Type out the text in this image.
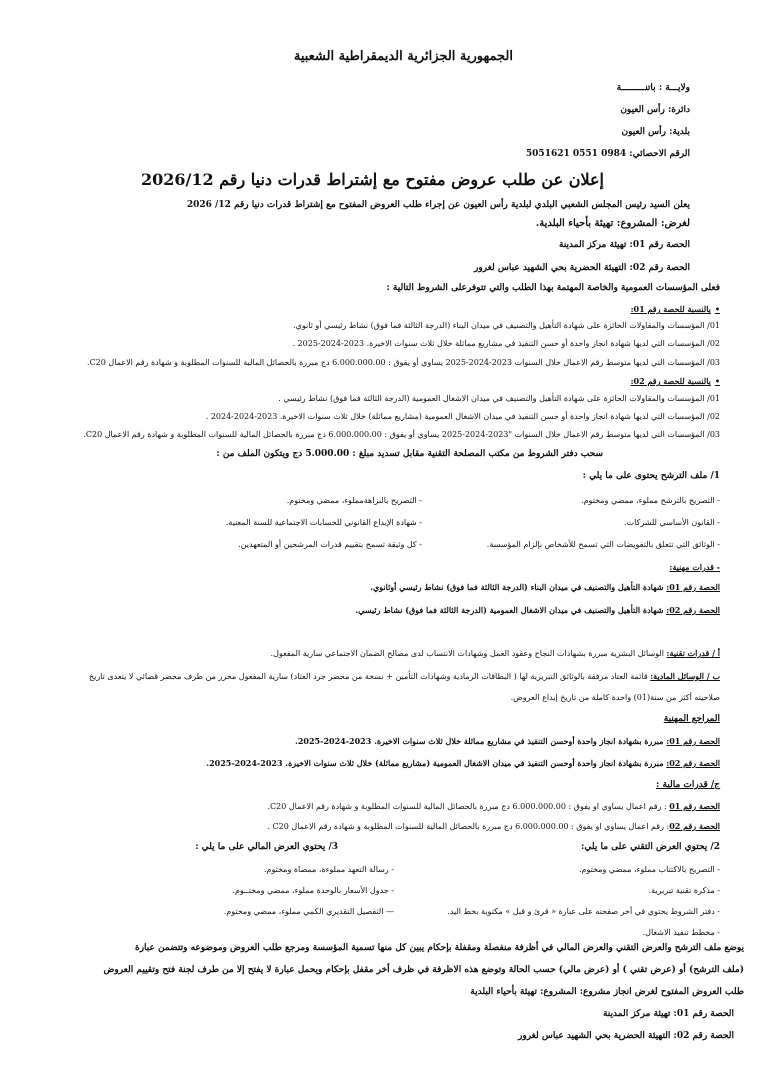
الجمهورية الجزائرية الديمقراطية الشعبية
ولايـــة : باتنـــــــــة
دائرة: رأس العيون
بلدية: رأس العيون
الرقم الاحصائي: 0984 0551 5051621
إعلان عن طلب عروض مفتوح مع إشتراط قدرات دنيا رقم 2026/12
يعلن السيد رئيس المجلس الشعبي البلدي لبلدية رأس العيون عن إجراء طلب العروض المفتوح مع إشتراط قدرات دنيا رقم 12/ 2026
لغرض: المشروع: تهيئة بأحياء البلدية.
الحصة رقم 01: تهيئة مركز المدينة
الحصة رقم 02: التهيئة الحضرية بحي الشهيد عباس لغرور
فعلى المؤسسات العمومية والخاصة المهتمة بهذا الطلب والتي تتوفرعلى الشروط التالية :
• بالنسبة للحصة رقم 01:
01/ المؤسسات والمقاولات الحائزة على شهادة التأهيل والتصنيف في ميدان البناء (الدرجة الثالثة فما فوق) نشاط رئيسي أو ثانوي.
02/ المؤسسات التي لديها شهادة انجاز واحدة أو حسن التنفيذ في مشاريع مماثلة خلال ثلاث سنوات الاخيرة. 2023-2024-2025 .
03/ المؤسسات التي لديها متوسط رقم الاعمال خلال السنوات 2023-2024-2025 يساوي أو يفوق : 6.000.000.00 دج مبررة بالحصائل المالية للسنوات المطلوبة و شهادة رقم الاعمال C20.
• بالنسبة للحصة رقم 02:
01/ المؤسسات والمقاولات الحائزة على شهادة التأهيل والتصنيف في ميدان الاشغال العمومية (الدرجة الثالثة فما فوق) نشاط رئيسي .
02/ المؤسسات التي لديها شهادة انجاز واحدة أو حسن التنفيذ في ميدان الاشغال العمومية (مشاريع مماثلة) خلال ثلاث سنوات الاخيرة. 2023-2024-2024 .
03/ المؤسسات التي لديها متوسط رقم الاعمال خلال السنوات "2023-2024-2025 يساوي أو يفوق : 6.000.000.00 دج مبررة بالحصائل المالية للسنوات المطلوبة و شهادة رقم الاعمال C20.
سحب دفتر الشروط من مكتب المصلحة التقنية مقابل تسديد مبلغ : 5.000.00 دج ويتكون الملف من :
1/ ملف الترشح يحتوى على ما يلي :
- التصريح بالترشح مملوء، ممضي ومختوم.
- القانون الأساسي للشركات.
- الوثائق التي تتعلق بالتفويضات التي تسمح للأشخاص بإلزام المؤسسة.
- التصريح بالنزاهةمملوء، ممضي ومختوم.
- شهادة الإيداع القانوني للحسابات الاجتماعية للسنة المعنية.
- كل وثيقة تسمح بتقييم قدرات المرشحين أو المتعهدين.
- قدرات مهنية:
الحصة رقم 01: شهادة التأهيل والتصنيف في ميدان البناء (الدرجة الثالثة فما فوق) نشاط رئيسي أوثانوي.
الحصة رقم 02: شهادة التأهيل والتصنيف في ميدان الاشغال العمومية (الدرجة الثالثة فما فوق) نشاط رئيسي.
أ / قدرات تقنية: الوسائل البشرية مبررة بشهادات النجاح وعقود العمل وشهادات الانتساب لدى مصالح الضمان الاجتماعي سارية المفعول.
ب / الوسائل المادية: قائمة العتاد مرفقة بالوثائق التبريرية لها ( البطاقات الرمادية وشهادات التأمين + نسخة من محضر جرد العتاد) سارية المفعول محرر من طرف محضر قضائي لا يتعدى تاريخ
صلاحيته أكثر من سنة(01) واحدة كاملة من تاريخ إيداع العروض.
المراجع المهنية
الحصة رقم 01: مبررة بشهادة انجاز واحدة أوحسن التنفيذ في مشاريع مماثلة خلال ثلاث سنوات الاخيرة. 2023-2024-2025.
الحصة رقم 02: مبررة بشهادة انجاز واحدة أوحسن التنفيذ في ميدان الاشغال العمومية (مشاريع مماثلة) خلال ثلاث سنوات الاخيرة. 2023-2024-2025.
ج/ قدرات مالية :
الحصة رقم 01 : رقم اعمال يساوي او يفوق : 6.000.000.00 دج مبررة بالحصائل المالية للسنوات المطلوبة و شهادة رقم الاعمال C20.
الحصة رقم 02: رقم اعمال يساوي او يفوق : 6.000.000.00 دج مبررة بالحصائل المالية للسنوات المطلوبة و شهادة رقم الاعمال C20 .
2/ يحتوي العرض التقني على ما يلي:
- التصريح بالاكتتاب مملوء، ممضي ومختوم.
- مذكرة تقنية تبريرية.
- دفتر الشروط يحتوي في أخر صفحته على عبارة « قرئ و قبل » مكتوبة بخط اليد.
- مخطط تنفيذ الاشغال.
3/ يحتوي العرض المالي على ما يلي :
- رسالة التعهد مملوءة، ممضاة ومختوم.
- جدول الأسعار بالوحدة مملوء، ممضي ومختــوم.
— التفصيل التقديري الكمي مملوء، ممضي ومختوم.
يوضع ملف الترشح والعرض التقني والعرض المالي في أظرفة منفصلة ومقفلة بإحكام يبين كل منها تسمية المؤسسة ومرجع طلب العروض وموضوعه وتتضمن عبارة
(ملف الترشح) أو (عرض تقني ) أو (عرض مالي) حسب الحالة وتوضع هذه الاظرفة في ظرف أخر مقفل بإحكام ويحمل عبارة لا يفتح إلا من طرف لجنة فتح وتقييم العروض
طلب العروض المفتوح لغرض انجاز مشروع: المشروع: تهيئة بأحياء البلدية
الحصة رقم 01: تهيئة مركز المدينة
الحصة رقم 02: التهيئة الحضرية بحي الشهيد عباس لغرور
